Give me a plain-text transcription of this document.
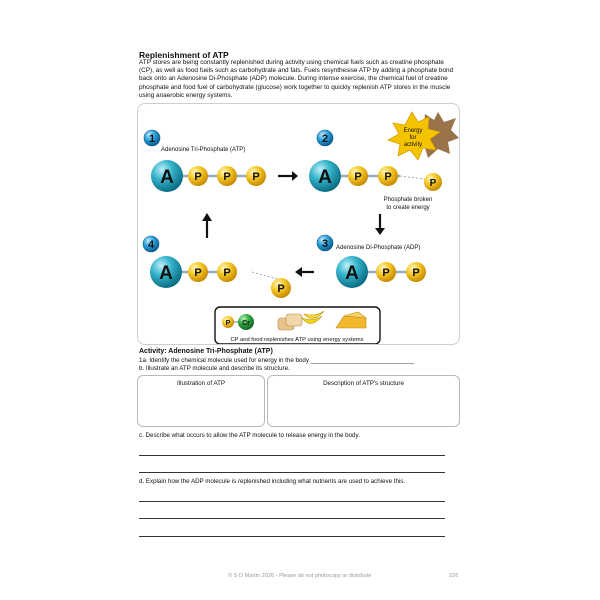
Replenishment of ATP
ATP stores are being constantly replenished during activity using chemical fuels such as creatine phosphate (CP), as well as food fuels such as carbohydrate and fats. Fuels resynthesise ATP by adding a phosphate bond back onto an Adenosine Di-Phosphate (ADP) molecule. During intense exercise, the chemical fuel of creatine phosphate and food fuel of carbohydrate (glucose) work together to quickly replenish ATP stores in the muscle using anaerobic energy systems.
1
Adenosine Tri-Phosphate (ATP)
A P P P
2
A P P
P
Energy
for
activity
Phosphate broken
to create energy
3 Adenosine Di-Phosphate (ADP)
A P P
4
A P P
P
P Cr
CP and food replenishes ATP using energy systems
Activity: Adenosine Tri-Phosphate (ATP)
1a. Identify the chemical molecule used for energy in the body ______________________________
b. Illustrate an ATP molecule and describe its structure.
Illustration of ATP	Description of ATP's structure
c. Describe what occurs to allow the ATP molecule to release energy in the body.
d. Explain how the ADP molecule is replenished including what nutrients are used to achieve this.
© S D Martin 2026 - Please do not photocopy or distribute	226
